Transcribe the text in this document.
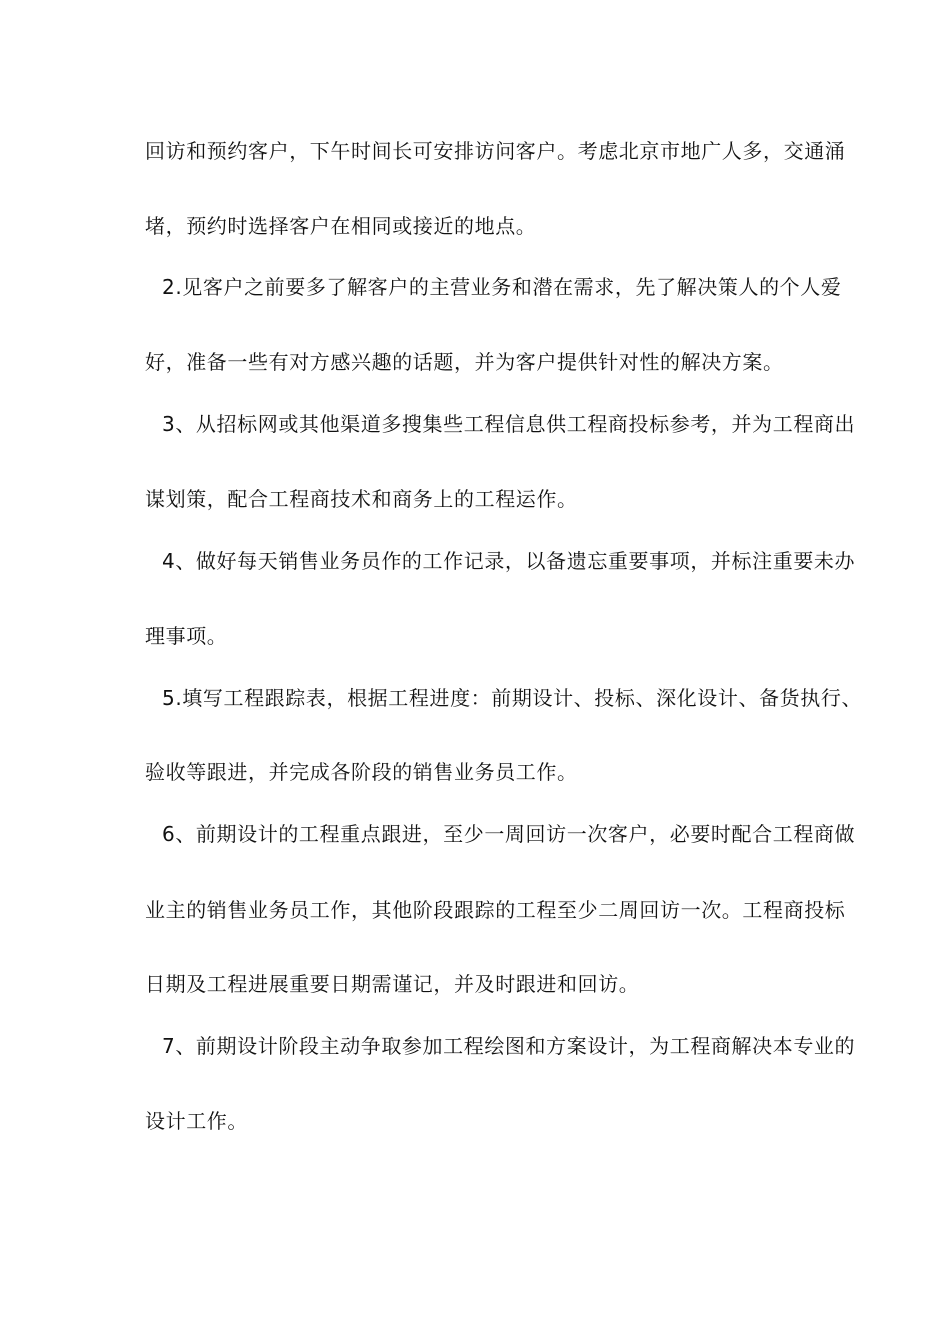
回访和预约客户，下午时间长可安排访问客户。考虑北京市地广人多，交通涌
堵，预约时选择客户在相同或接近的地点。
2.见客户之前要多了解客户的主营业务和潜在需求，先了解决策人的个人爱
好，准备一些有对方感兴趣的话题，并为客户提供针对性的解决方案。
3、从招标网或其他渠道多搜集些工程信息供工程商投标参考，并为工程商出
谋划策，配合工程商技术和商务上的工程运作。
4、做好每天销售业务员作的工作记录，以备遗忘重要事项，并标注重要未办
理事项。
5.填写工程跟踪表，根据工程进度：前期设计、投标、深化设计、备货执行、
验收等跟进，并完成各阶段的销售业务员工作。
6、前期设计的工程重点跟进，至少一周回访一次客户，必要时配合工程商做
业主的销售业务员工作，其他阶段跟踪的工程至少二周回访一次。工程商投标
日期及工程进展重要日期需谨记，并及时跟进和回访。
7、前期设计阶段主动争取参加工程绘图和方案设计，为工程商解决本专业的
设计工作。
